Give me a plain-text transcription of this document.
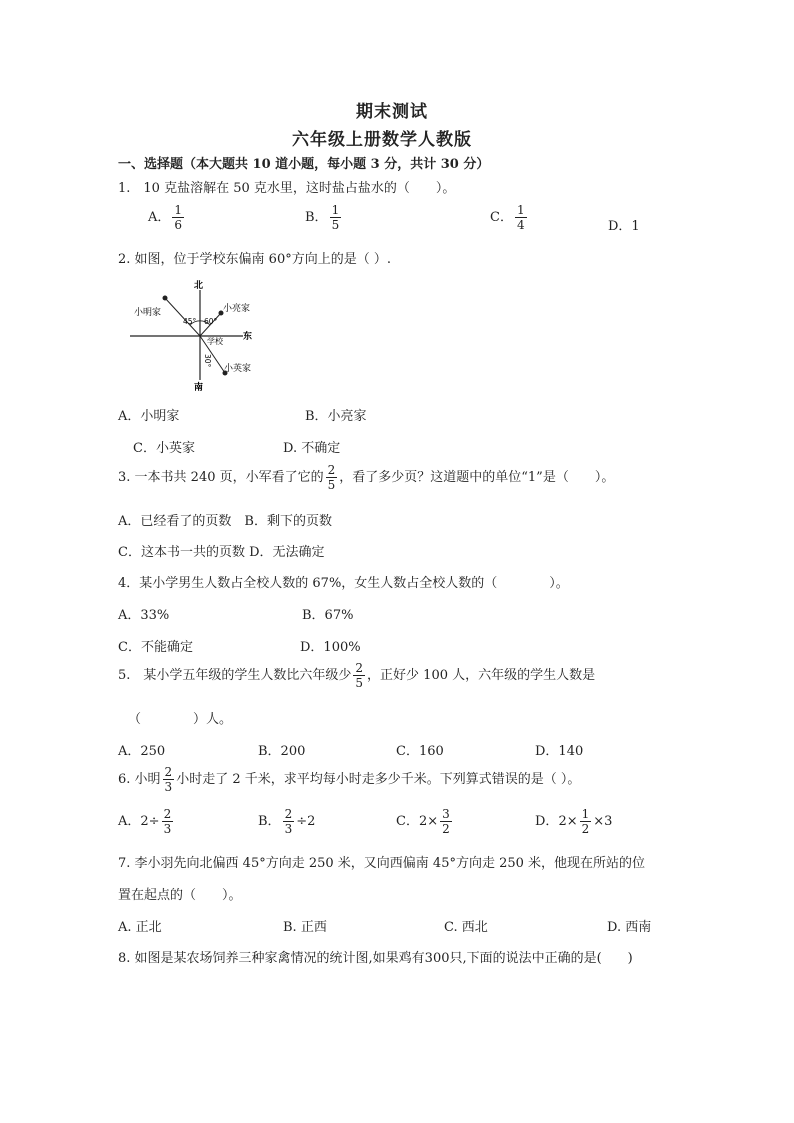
期末测试
六年级上册数学人教版
一、选择题（本大题共 10 道小题，每小题 3 分，共计 30 分）
1.　10 克盐溶解在 50 克水里，这时盐占盐水的（　　）。
A． $\frac{1}{6}$	B． $\frac{1}{5}$	C． $\frac{1}{4}$	D．1
2. 如图，位于学校东偏南 60°方向上的是（ ）.
北
南
东
学校
小明家	小亮家
小英家
45° 60°
30°
A．小明家	B．小亮家
C．小英家	D. 不确定
3. 一本书共 240 页，小军看了它的 $\frac{2}{5}$ ，看了多少页？这道题中的单位“1”是（　　）。
A．已经看了的页数　B．剩下的页数
C．这本书一共的页数 D．无法确定
4．某小学男生人数占全校人数的 67%，女生人数占全校人数的（　　　　）。
A．33%	B．67%
C．不能确定	D．100%
5.　某小学五年级的学生人数比六年级少 $\frac{2}{5}$ ，正好少 100 人，六年级的学生人数是
（　　　　）人。
A．250	B．200	C．160	D．140
6. 小明 $\frac{2}{3}$ 小时走了 2 千米，求平均每小时走多少千米。下列算式错误的是（ ）。
A．$2\div \frac{2}{3}$	B． $\frac{2}{3} \div 2$	C．$2\times \frac{3}{2}$	D．$2\times \frac{1}{2} \times 3$
7. 李小羽先向北偏西 45°方向走 250 米，又向西偏南 45°方向走 250 米，他现在所站的位
置在起点的（　　）。
A. 正北	B. 正西	C. 西北	D. 西南
8. 如图是某农场饲养三种家禽情况的统计图,如果鸡有300只,下面的说法中正确的是(　　)
